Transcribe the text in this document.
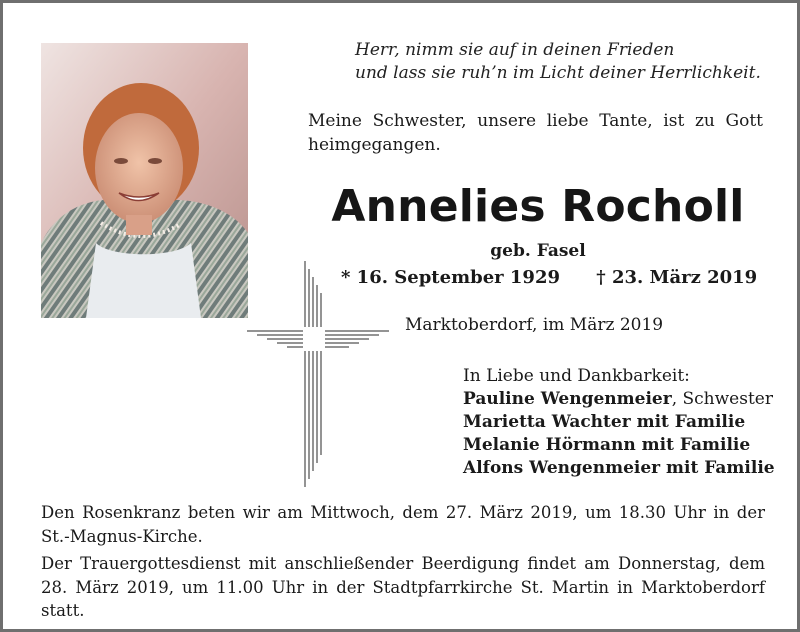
Herr, nimm sie auf in deinen Frieden
und lass sie ruh’n im Licht deiner Herrlichkeit.
Meine Schwester, unsere liebe Tante, ist zu Gott heimgegangen.
Annelies Rocholl
geb. Fasel
* 16. September 1929 † 23. März 2019
Marktoberdorf, im März 2019
In Liebe und Dankbarkeit:
Pauline Wengenmeier, Schwester
Marietta Wachter mit Familie
Melanie Hörmann mit Familie
Alfons Wengenmeier mit Familie

Den Rosenkranz beten wir am Mittwoch, dem 27. März 2019, um 18.30 Uhr in der St.-Magnus-Kirche.

Der Trauergottesdienst mit anschließender Beerdigung findet am Donnerstag, dem 28. März 2019, um 11.00 Uhr in der Stadtpfarrkirche St. Martin in Marktoberdorf statt.
